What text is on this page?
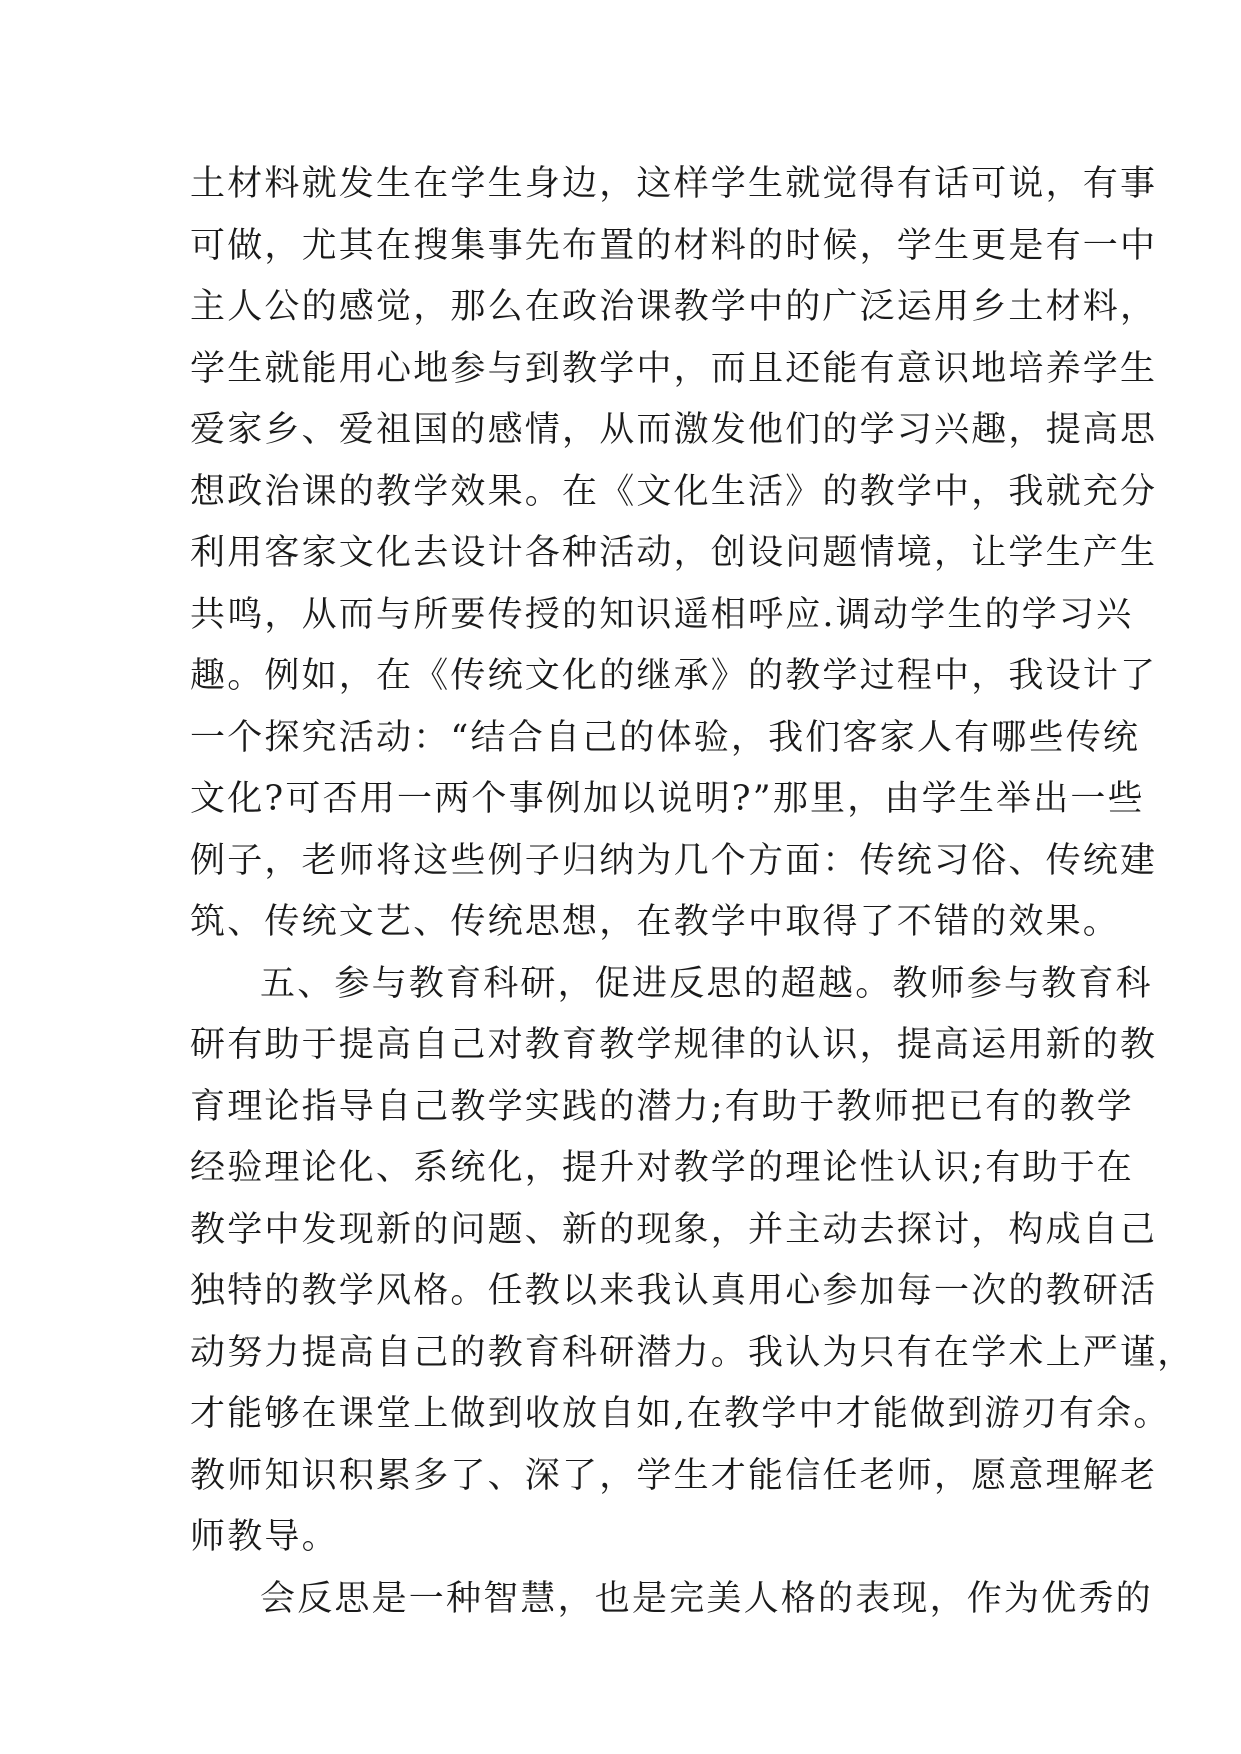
土材料就发生在学生身边，这样学生就觉得有话可说，有事
可做，尤其在搜集事先布置的材料的时候，学生更是有一中
主人公的感觉，那么在政治课教学中的广泛运用乡土材料，
学生就能用心地参与到教学中，而且还能有意识地培养学生
爱家乡、爱祖国的感情，从而激发他们的学习兴趣，提高思
想政治课的教学效果。在《文化生活》的教学中，我就充分
利用客家文化去设计各种活动，创设问题情境，让学生产生
共鸣，从而与所要传授的知识遥相呼应.调动学生的学习兴
趣。例如，在《传统文化的继承》的教学过程中，我设计了
一个探究活动：“结合自己的体验，我们客家人有哪些传统
文化?可否用一两个事例加以说明?”那里，由学生举出一些
例子，老师将这些例子归纳为几个方面：传统习俗、传统建
筑、传统文艺、传统思想，在教学中取得了不错的效果。
五、参与教育科研，促进反思的超越。教师参与教育科
研有助于提高自己对教育教学规律的认识，提高运用新的教
育理论指导自己教学实践的潜力;有助于教师把已有的教学
经验理论化、系统化，提升对教学的理论性认识;有助于在
教学中发现新的问题、新的现象，并主动去探讨，构成自己
独特的教学风格。任教以来我认真用心参加每一次的教研活
动努力提高自己的教育科研潜力。我认为只有在学术上严谨，
才能够在课堂上做到收放自如,在教学中才能做到游刃有余。
教师知识积累多了、深了，学生才能信任老师，愿意理解老
师教导。
会反思是一种智慧，也是完美人格的表现，作为优秀的
